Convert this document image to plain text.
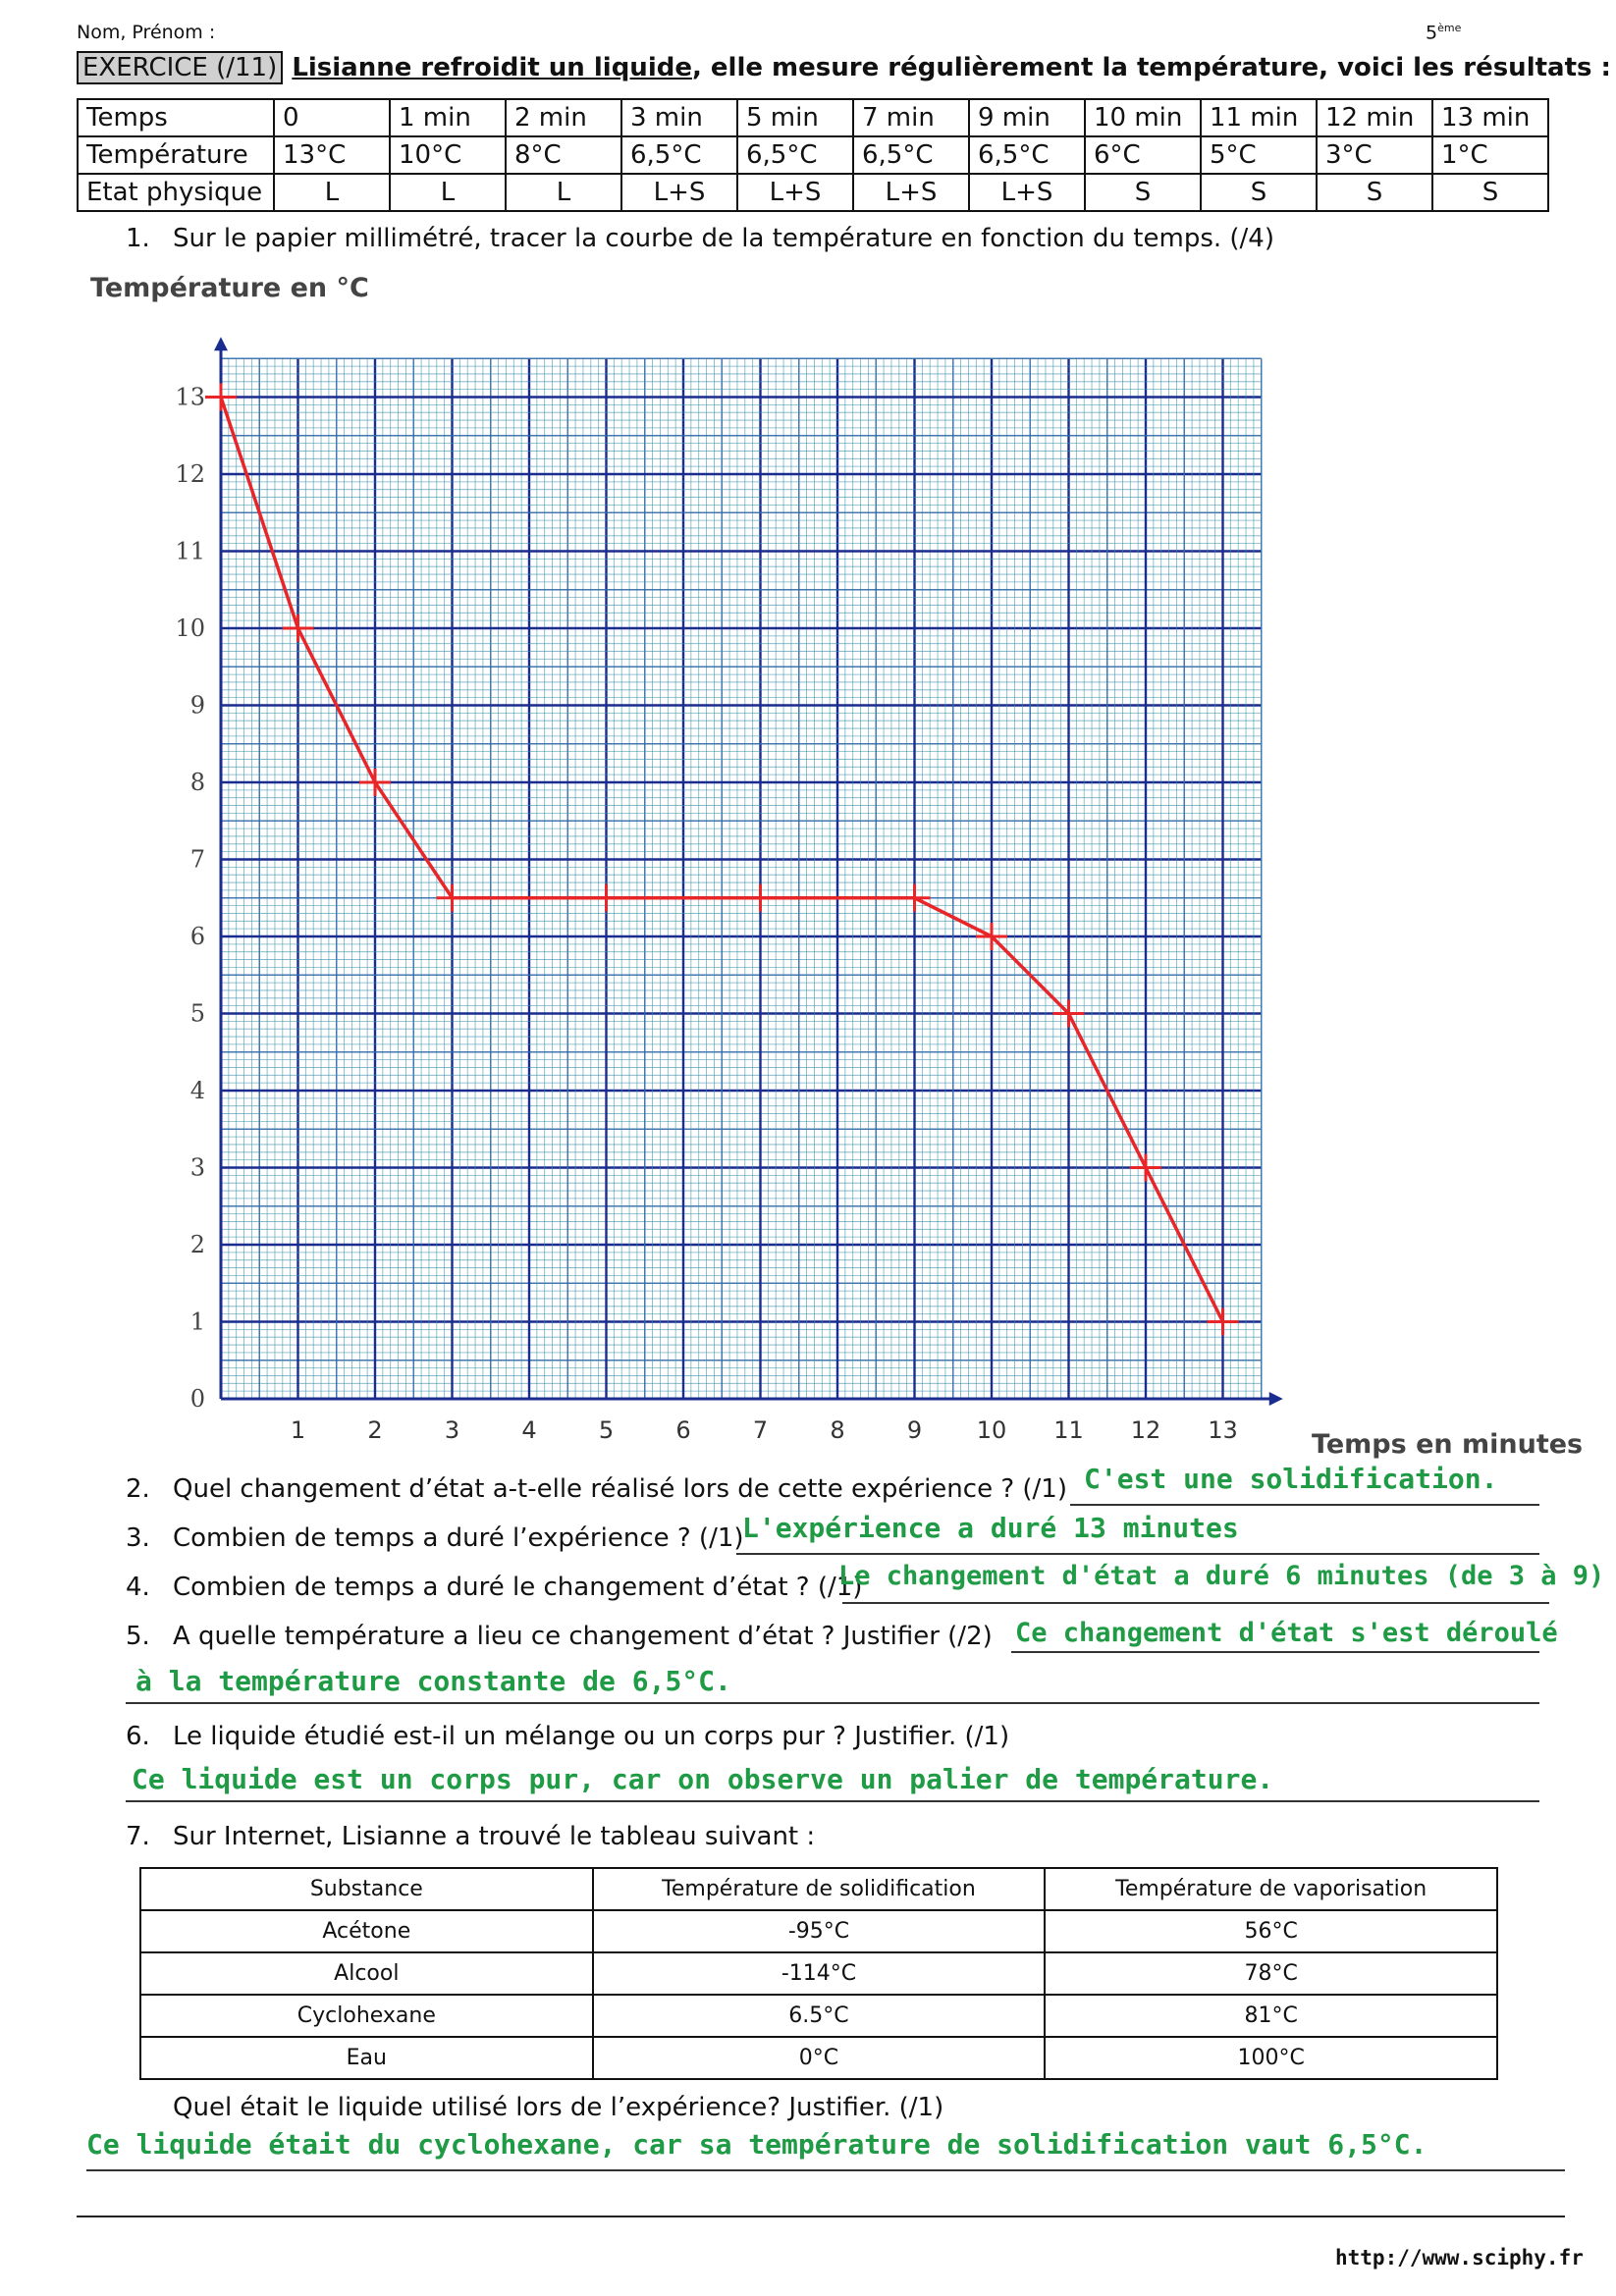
Nom, Prénom :	5ème
EXERCICE (/11) Lisianne refroidit un liquide, elle mesure régulièrement la température, voici les résultats :
Temps	0	1 min	2 min	3 min	5 min	7 min	9 min	10 min	11 min	12 min	13 min
Température	13°C	10°C	8°C	6,5°C	6,5°C	6,5°C	6,5°C	6°C	5°C	3°C	1°C
Etat physique	L	L	L	L+S	L+S	L+S	L+S	S	S	S	S
1. Sur le papier millimétré, tracer la courbe de la température en fonction du temps. (/4)
1	2	3	4	5	6	7	8	9 10 11 12 13
0
1
2
3
4
5
6
7
8
9
10
11
12
13
Température en °C
Temps en minutes
2. Quel changement d’état a-t-elle réalisé lors de cette expérience ? (/1) C'est une solidification.
3. Combien de temps a duré l’expérience ? (/1)
L'expérience a duré 13 minutes
4. Combien de temps a duré le changement d’état ? (/1)
Le changement d'état a duré 6 minutes (de 3 à 9)
5. A quelle température a lieu ce changement d’état ? Justifier (/2) Ce changement d'état s'est déroulé
à la température constante de 6,5°C.
6. Le liquide étudié est-il un mélange ou un corps pur ? Justifier. (/1)
Ce liquide est un corps pur, car on observe un palier de température.
7. Sur Internet, Lisianne a trouvé le tableau suivant :
Substance	Température de solidification	Température de vaporisation
Acétone	-95°C	56°C
Alcool	-114°C	78°C
Cyclohexane	6.5°C	81°C
Eau	0°C	100°C
Quel était le liquide utilisé lors de l’expérience? Justifier. (/1)
Ce liquide était du cyclohexane, car sa température de solidification vaut 6,5°C.
http://www.sciphy.fr
